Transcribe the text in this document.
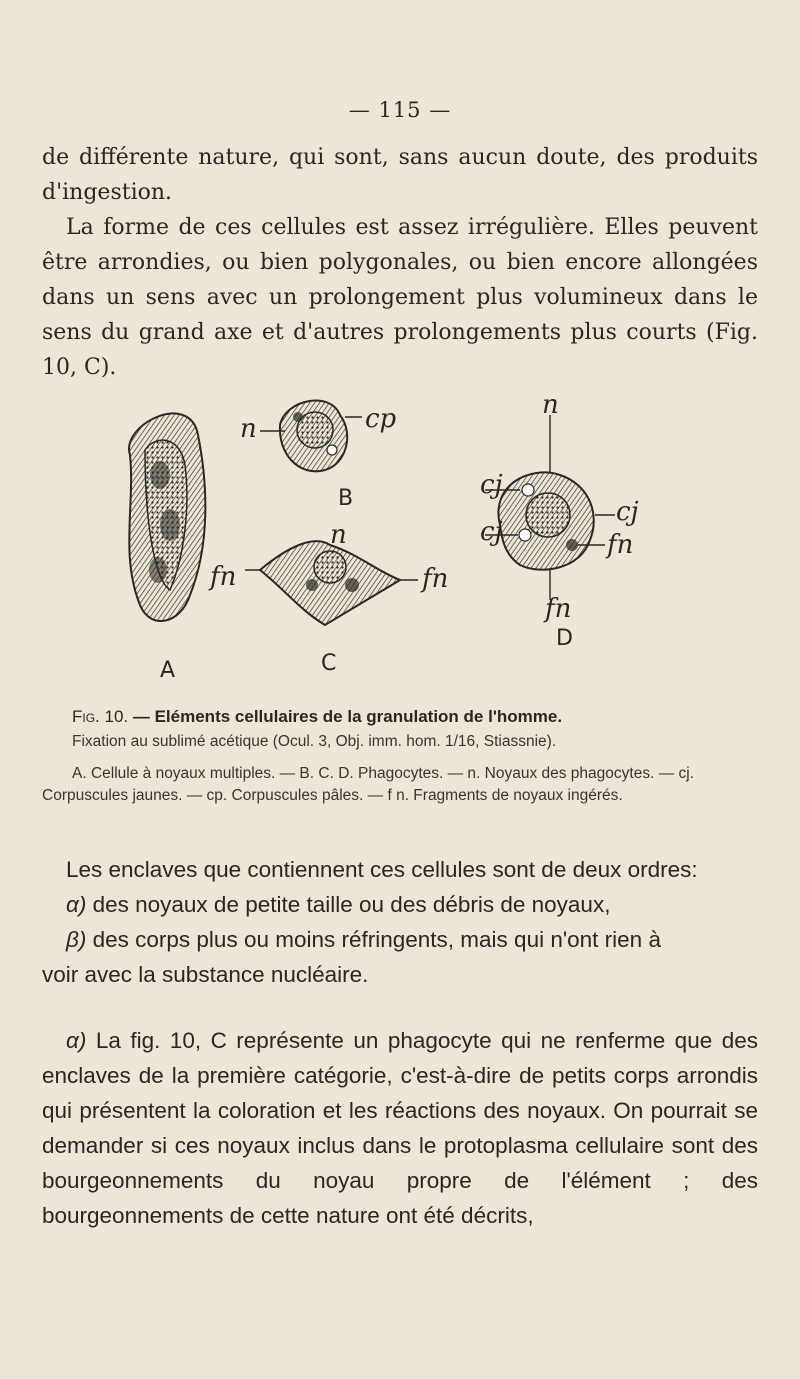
— 115 —
de différente nature, qui sont, sans aucun doute, des produits d'ingestion.
La forme de ces cellules est assez irrégulière. Elles peuvent être arrondies, ou bien polygonales, ou bien encore allongées dans un sens avec un prolongement plus volumineux dans le sens du grand axe et d'autres prolongements plus courts (Fig. 10, C).
A
B
C
D
n	cp
n
n
cj
cj
cj
fn	fn
fn
fn
Fig. 10. — Eléments cellulaires de la granulation de l'homme.
Fixation au sublimé acétique (Ocul. 3, Obj. imm. hom. 1/16, Stiassnie).
A. Cellule à noyaux multiples. — B. C. D. Phagocytes. — n. Noyaux des phagocytes. — cj. Corpuscules jaunes. — cp. Corpuscules pâles. — f n. Fragments de noyaux ingérés.
Les enclaves que contiennent ces cellules sont de deux ordres:
α) des noyaux de petite taille ou des débris de noyaux,
β) des corps plus ou moins réfringents, mais qui n'ont rien à
voir avec la substance nucléaire.
α) La fig. 10, C représente un phagocyte qui ne renferme que des enclaves de la première catégorie, c'est-à-dire de petits corps arrondis qui présentent la coloration et les réactions des noyaux. On pourrait se demander si ces noyaux inclus dans le protoplasma cellulaire sont des bourgeonnements du noyau propre de l'élément ; des bourgeonnements de cette nature ont été décrits,
